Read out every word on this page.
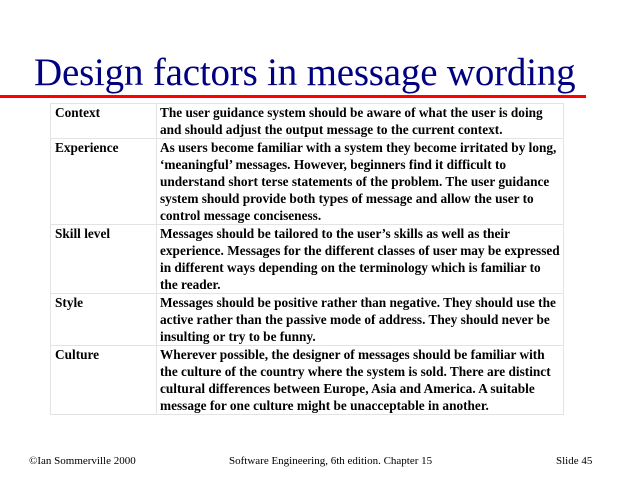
Design factors in message wording
Context	The user guidance system should be aware of what the user is doing and should adjust the output message to the current context.
Experience	As users become familiar with a system they become irritated by long, ‘meaningful’ messages. However, beginners find it difficult to understand short terse statements of the problem. The user guidance system should provide both types of message and allow the user to control message conciseness.
Skill level	Messages should be tailored to the user’s skills as well as their experience. Messages for the different classes of user may be expressed in different ways depending on the terminology which is familiar to the reader.
Style	Messages should be positive rather than negative. They should use the active rather than the passive mode of address. They should never be insulting or try to be funny.
Culture	Wherever possible, the designer of messages should be familiar with the culture of the country where the system is sold. There are distinct cultural differences between Europe, Asia and America. A suitable message for one culture might be unacceptable in another.
©Ian Sommerville 2000	Software Engineering, 6th edition. Chapter 15	Slide 45
